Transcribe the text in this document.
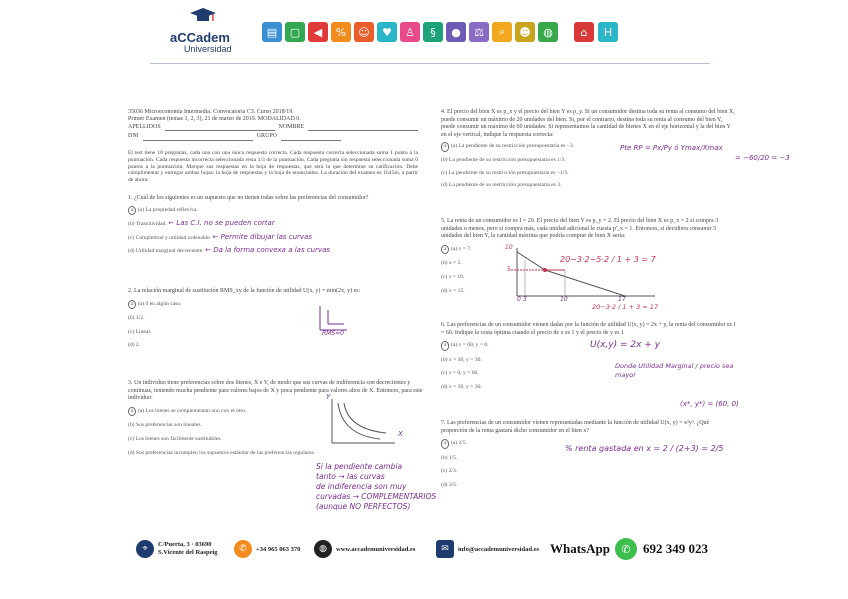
aCCadem
Universidad
▤	▢	◀	%	☺	♥	♙	§	●	⚖	⌕	☻	◍	⌂	H
35036 Microeconomía Intermedia. Convocatoria C3. Curso 2018/19.
Primer Examen (temas 1, 2, 3), 21 de marzo de 2019. MODALIDAD 0.
APELLIDOS	NOMBRE
DNI	GRUPO
El test tiene 18 preguntas, cada una con una única respuesta correcta. Cada respuesta correcta seleccionada suma 1 punto a la puntuación. Cada respuesta incorrecta seleccionada resta 1/3 de la puntuación. Cada pregunta sin respuesta seleccionada suma 0 puntos a la puntuación. Marque sus respuestas en la hoja de respuestas, que será la que determine su calificación. Debe cumplimentar y entregar ambas hojas: la hoja de respuestas y la hoja de enunciados. La duración del examen es 1h45m, a partir de ahora.
1. ¿Cuál de los siguientes es un supuesto que no tienen todas sobre las preferencias del consumidor?
a (a) La propiedad reflexiva.
(b) Transitividad. ← Las C.I. no se pueden cortar
(c) Completitud y utilidad ordenable. ← Permite dibujar las curvas
(d) Utilidad marginal decreciente. ← Da la forma convexa a las curvas
2. La relación marginal de sustitución RMS_xy de la función de utilidad U(x, y) = min(2x, y) es:
a (a) 0 en algún caso.
(b) 1/2.
(c) Lineal.
(d) 2.
RMS=0
3. Un individuo tiene preferencias sobre dos bienes, X e Y, de modo que sus curvas de indiferencia son decrecientes y continuas, teniendo mucha pendiente para valores bajos de X y poca pendiente para valores altos de X. Entonces, para este individuo:
a (a) Los bienes se complementan uno con el otro.
(b) Sus preferencias son lineales.
(c) Los bienes son fácilmente sustituibles.
(d) Sus preferencias incumplen los supuestos estándar de las preferencias regulares.
Y
X
Si la pendiente cambia
tanto → las curvas
de indiferencia son muy
curvadas → COMPLEMENTARIOS
(aunque NO PERFECTOS)
4. El precio del bien X es p_x y el precio del bien Y es p_y. Si un consumidor destina toda su renta al consumo del bien X, puede consumir un máximo de 20 unidades del bien. Si, por el contrario, destina toda su renta al consumo del bien Y, puede consumir un máximo de 60 unidades. Si representamos la cantidad de bienes X en el eje horizontal y la del bien Y en el eje vertical, indique la respuesta correcta:
a (a) La pendiente de su restricción presupuestaria es −3.
(b) La pendiente de su restricción presupuestaria es 1/3.
(c) La pendiente de su restricción presupuestaria es −1/3.
(d) La pendiente de su restricción presupuestaria es 3.
Pte RP = Px/Py ó Ymax/Xmax
= −60/20 = −3
5. La renta de un consumidor es I = 20. El precio del bien Y es p_y = 2. El precio del bien X es p_x = 2 si compra 3 unidades o menos, pero si compra más, cada unidad adicional le cuesta p'_x = 1. Entonces, si decidiera consumir 5 unidades del bien Y, la cantidad máxima que podría comprar de bien X sería:
a (a) x = 7.
(b) x = 5.
(c) x = 10.
(d) x = 15.
10
5
0 3	10	17
20−3·2−5·2 / 1 + 3 = 7
20−3·2 / 1 + 3 = 17
6. Las preferencias de un consumidor vienen dadas por la función de utilidad U(x, y) = 2x + y, la renta del consumidor es I = 60. Indique la cesta óptima cuando el precio de x es 1 y el precio de y es 1
a (a) x = 60, y = 0.
(b) x = 30, y = 30.
(c) x = 0, y = 60.
(d) x = 30, y = 30.
U(x,y) = 2x + y
Donde Utilidad Marginal / precio sea mayor
(x*, y*) = (60, 0)
7. Las preferencias de un consumidor vienen representadas mediante la función de utilidad U(x, y) = x²y³. ¿Qué proporción de la renta gastará dicho consumidor en el bien x?
a (a) 2/5.
(b) 1/5.
(c) 2/3.
(d) 3/5.
% renta gastada en x = 2 / (2+3) = 2/5
⌖	C/Puerta, 3 · 03690
S.Vicente del Raspeig	✆	+34 965 063 370	◍	www.accademuniversidad.es	✉	info@accademuniversidad.es WhatsApp	✆ 692 349 023
